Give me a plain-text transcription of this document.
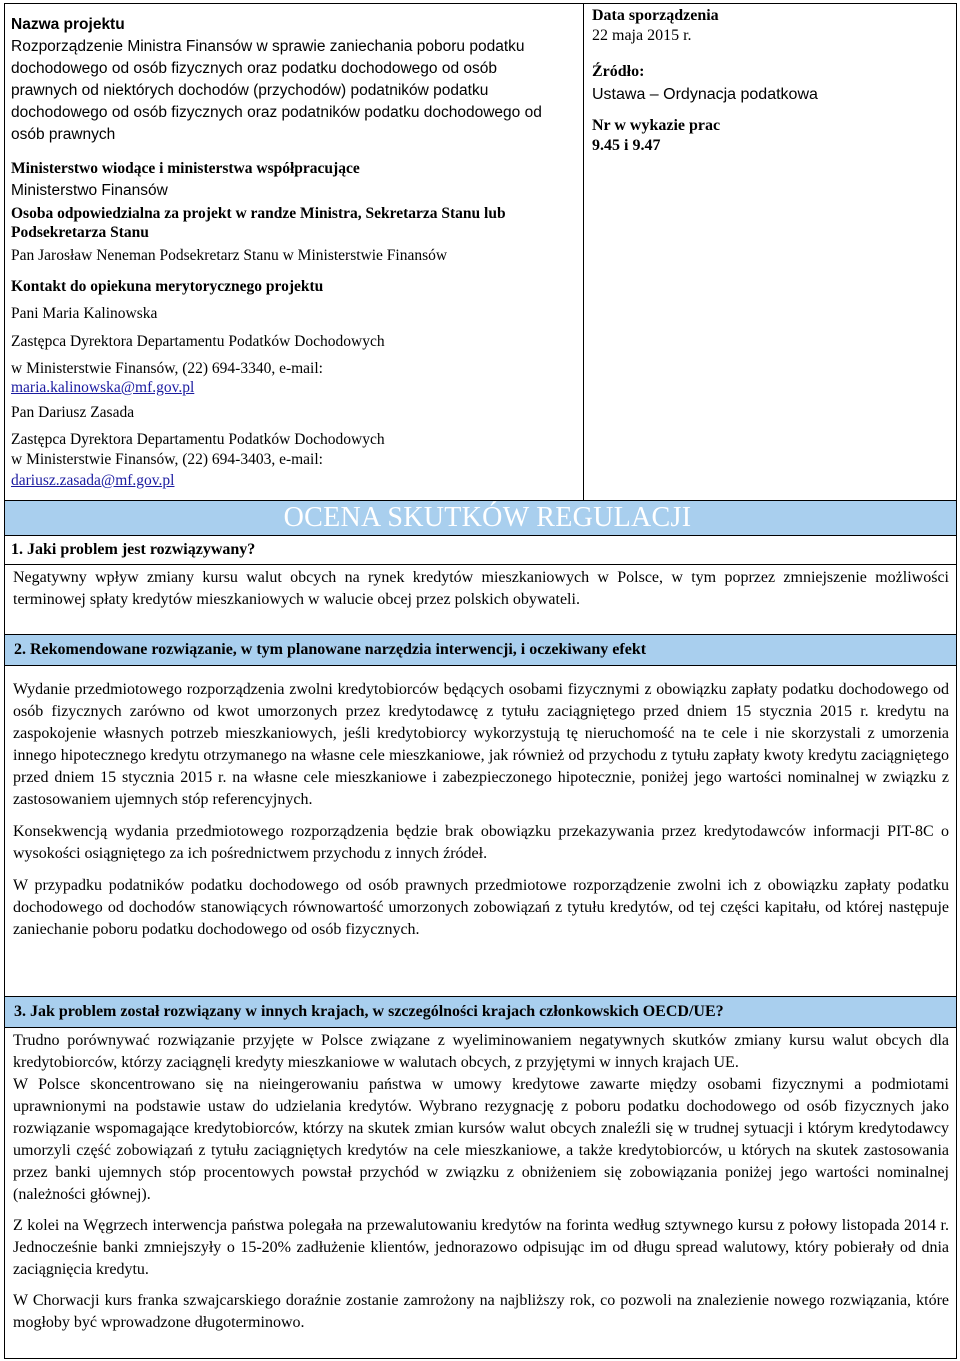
Nazwa projektu

Rozporządzenie Ministra Finansów w sprawie zaniechania poboru podatku dochodowego od osób fizycznych oraz podatku dochodowego od osób prawnych od niektórych dochodów (przychodów) podatników podatku dochodowego od osób fizycznych oraz podatników podatku dochodowego od osób prawnych

Ministerstwo wiodące i ministerstwa współpracujące

Ministerstwo Finansów

Osoba odpowiedzialna za projekt w randze Ministra, Sekretarza Stanu lub Podsekretarza Stanu

Pan Jarosław Neneman Podsekretarz Stanu w Ministerstwie Finansów

Kontakt do opiekuna merytorycznego projektu

Pani Maria Kalinowska

Zastępca Dyrektora Departamentu Podatków Dochodowych

w Ministerstwie Finansów, (22) 694-3340, e-mail:

maria.kalinowska@mf.gov.pl

Pan Dariusz Zasada

Zastępca Dyrektora Departamentu Podatków Dochodowych

w Ministerstwie Finansów, (22) 694-3403, e-mail:

dariusz.zasada@mf.gov.pl

Data sporządzenia

22 maja 2015 r.

Źródło:

Ustawa – Ordynacja podatkowa

Nr w wykazie prac

9.45 i 9.47

OCENA SKUTKÓW REGULACJI
1. Jaki problem jest rozwiązywany?

Negatywny wpływ zmiany kursu walut obcych na rynek kredytów mieszkaniowych w Polsce, w tym poprzez zmniejszenie możliwości terminowej spłaty kredytów mieszkaniowych w walucie obcej przez polskich obywateli.

2. Rekomendowane rozwiązanie, w tym planowane narzędzia interwencji, i oczekiwany efekt

Wydanie przedmiotowego rozporządzenia zwolni kredytobiorców będących osobami fizycznymi z obowiązku zapłaty podatku dochodowego od osób fizycznych zarówno od kwot umorzonych przez kredytodawcę z tytułu zaciągniętego przed dniem 15 stycznia 2015 r. kredytu na zaspokojenie własnych potrzeb mieszkaniowych, jeśli kredytobiorcy wykorzystują tę nieruchomość na te cele i nie skorzystali z umorzenia innego hipotecznego kredytu otrzymanego na własne cele mieszkaniowe, jak również od przychodu z tytułu zapłaty kwoty kredytu zaciągniętego przed dniem 15 stycznia 2015 r. na własne cele mieszkaniowe i zabezpieczonego hipotecznie, poniżej jego wartości nominalnej w związku z zastosowaniem ujemnych stóp referencyjnych.

Konsekwencją wydania przedmiotowego rozporządzenia będzie brak obowiązku przekazywania przez kredytodawców informacji PIT-8C o wysokości osiągniętego za ich pośrednictwem przychodu z innych źródeł.

W przypadku podatników podatku dochodowego od osób prawnych przedmiotowe rozporządzenie zwolni ich z obowiązku zapłaty podatku dochodowego od dochodów stanowiących równowartość umorzonych zobowiązań z tytułu kredytów, od tej części kapitału, od której następuje zaniechanie poboru podatku dochodowego od osób fizycznych.

3. Jak problem został rozwiązany w innych krajach, w szczególności krajach członkowskich OECD/UE?

Trudno porównywać rozwiązanie przyjęte w Polsce związane z wyeliminowaniem negatywnych skutków zmiany kursu walut obcych dla kredytobiorców, którzy zaciągnęli kredyty mieszkaniowe w walutach obcych, z przyjętymi w innych krajach UE.

W Polsce skoncentrowano się na nieingerowaniu państwa w umowy kredytowe zawarte między osobami fizycznymi a podmiotami uprawnionymi na podstawie ustaw do udzielania kredytów. Wybrano rezygnację z poboru podatku dochodowego od osób fizycznych jako rozwiązanie wspomagające kredytobiorców, którzy na skutek zmian kursów walut obcych znaleźli się w trudnej sytuacji i którym kredytodawcy umorzyli część zobowiązań z tytułu zaciągniętych kredytów na cele mieszkaniowe, a także kredytobiorców, u których na skutek zastosowania przez banki ujemnych stóp procentowych powstał przychód w związku z obniżeniem się zobowiązania poniżej jego wartości nominalnej (należności głównej).

Z kolei na Węgrzech interwencja państwa polegała na przewalutowaniu kredytów na forinta według sztywnego kursu z połowy listopada 2014 r. Jednocześnie banki zmniejszyły o 15-20% zadłużenie klientów, jednorazowo odpisując im od długu spread walutowy, który pobierały od dnia zaciągnięcia kredytu.

W Chorwacji kurs franka szwajcarskiego doraźnie zostanie zamrożony na najbliższy rok, co pozwoli na znalezienie nowego rozwiązania, które mogłoby być wprowadzone długoterminowo.
